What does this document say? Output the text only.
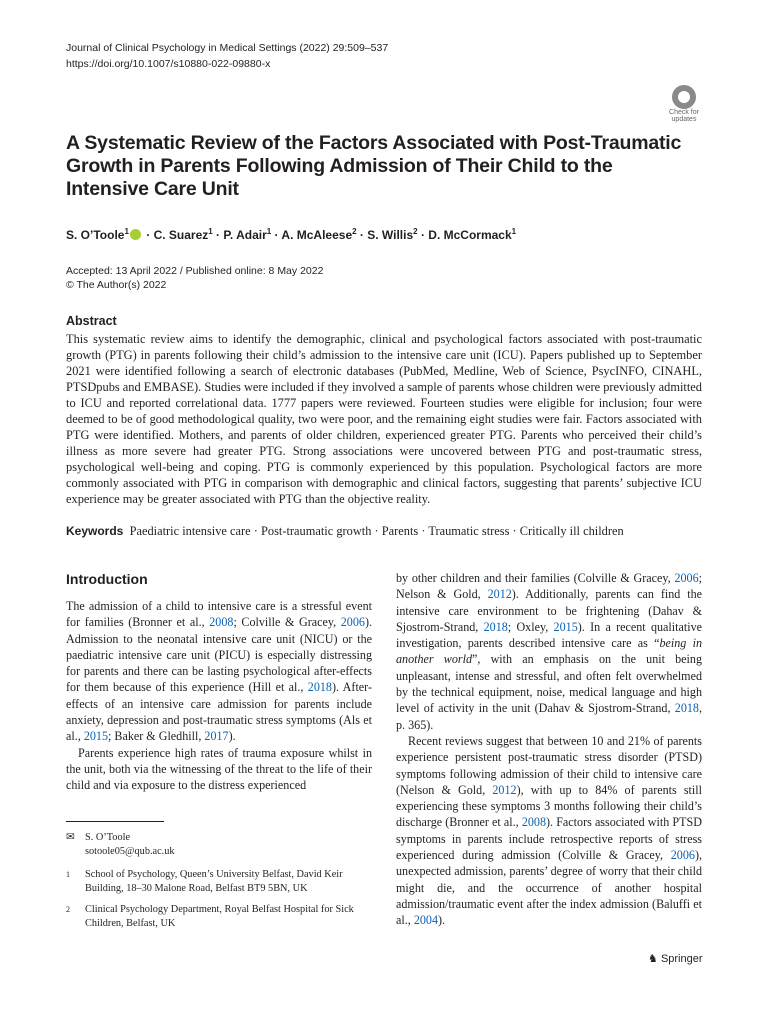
Journal of Clinical Psychology in Medical Settings (2022) 29:509–537
https://doi.org/10.1007/s10880-022-09880-x
Check for
updates
A Systematic Review of the Factors Associated with Post-Traumatic Growth in Parents Following Admission of Their Child to the Intensive Care Unit
S. O’Toole$^1$ · C. Suarez$^1$ · P. Adair$^1$ · A. McAleese$^2$ · S. Willis$^2$ · D. McCormack$^1$
Accepted: 13 April 2022 / Published online: 8 May 2022
© The Author(s) 2022
Abstract
This systematic review aims to identify the demographic, clinical and psychological factors associated with post-traumatic growth (PTG) in parents following their child’s admission to the intensive care unit (ICU). Papers published up to September 2021 were identified following a search of electronic databases (PubMed, Medline, Web of Science, PsycINFO, CINAHL, PTSDpubs and EMBASE). Studies were included if they involved a sample of parents whose children were previously admitted to ICU and reported correlational data. 1777 papers were reviewed. Fourteen studies were eligible for inclusion; four were deemed to be of good methodological quality, two were poor, and the remaining eight studies were fair. Factors associated with PTG were identified. Mothers, and parents of older children, experienced greater PTG. Parents who perceived their child’s illness as more severe had greater PTG. Strong associations were uncovered between PTG and post-traumatic stress, psychological well-being and coping. PTG is commonly experienced by this population. Psychological factors are more commonly associated with PTG in comparison with demographic and clinical factors, suggesting that parents’ subjective ICU experience may be greater associated with PTG than the objective reality.
Keywords Paediatric intensive care · Post-traumatic growth · Parents · Traumatic stress · Critically ill children
Introduction

The admission of a child to intensive care is a stressful event for families (Bronner et al., 2008; Colville & Gracey, 2006). Admission to the neonatal intensive care unit (NICU) or the paediatric intensive care unit (PICU) is especially distressing for parents and there can be lasting psychological after-effects for them because of this experience (Hill et al., 2018). After-effects of an intensive care admission for parents include anxiety, depression and post-traumatic stress symptoms (Als et al., 2015; Baker & Gledhill, 2017).

Parents experience high rates of trauma exposure whilst in the unit, both via the witnessing of the threat to the life of their child and via exposure to the distress experienced

by other children and their families (Colville & Gracey, 2006; Nelson & Gold, 2012). Additionally, parents can find the intensive care environment to be frightening (Dahav & Sjostrom-Strand, 2018; Oxley, 2015). In a recent qualitative investigation, parents described intensive care as “being in another world”, with an emphasis on the unit being unpleasant, intense and stressful, and often felt overwhelmed by the technical equipment, noise, medical language and high level of activity in the unit (Dahav & Sjostrom-Strand, 2018, p. 365).

Recent reviews suggest that between 10 and 21% of parents experience persistent post-traumatic stress disorder (PTSD) symptoms following admission of their child to intensive care (Nelson & Gold, 2012), with up to 84% of parents still experiencing these symptoms 3 months following their child’s discharge (Bronner et al., 2008). Factors associated with PTSD symptoms in parents include retrospective reports of stress experienced during admission (Colville & Gracey, 2006), unexpected admission, parents’ degree of worry that their child might die, and the occurrence of another hospital admission/traumatic event after the index admission (Baluffi et al., 2004).

✉ S. O’Toole
sotoole05@qub.ac.uk
1 School of Psychology, Queen’s University Belfast, David Keir Building, 18–30 Malone Road, Belfast BT9 5BN, UK
2 Clinical Psychology Department, Royal Belfast Hospital for Sick Children, Belfast, UK
♞ Springer
